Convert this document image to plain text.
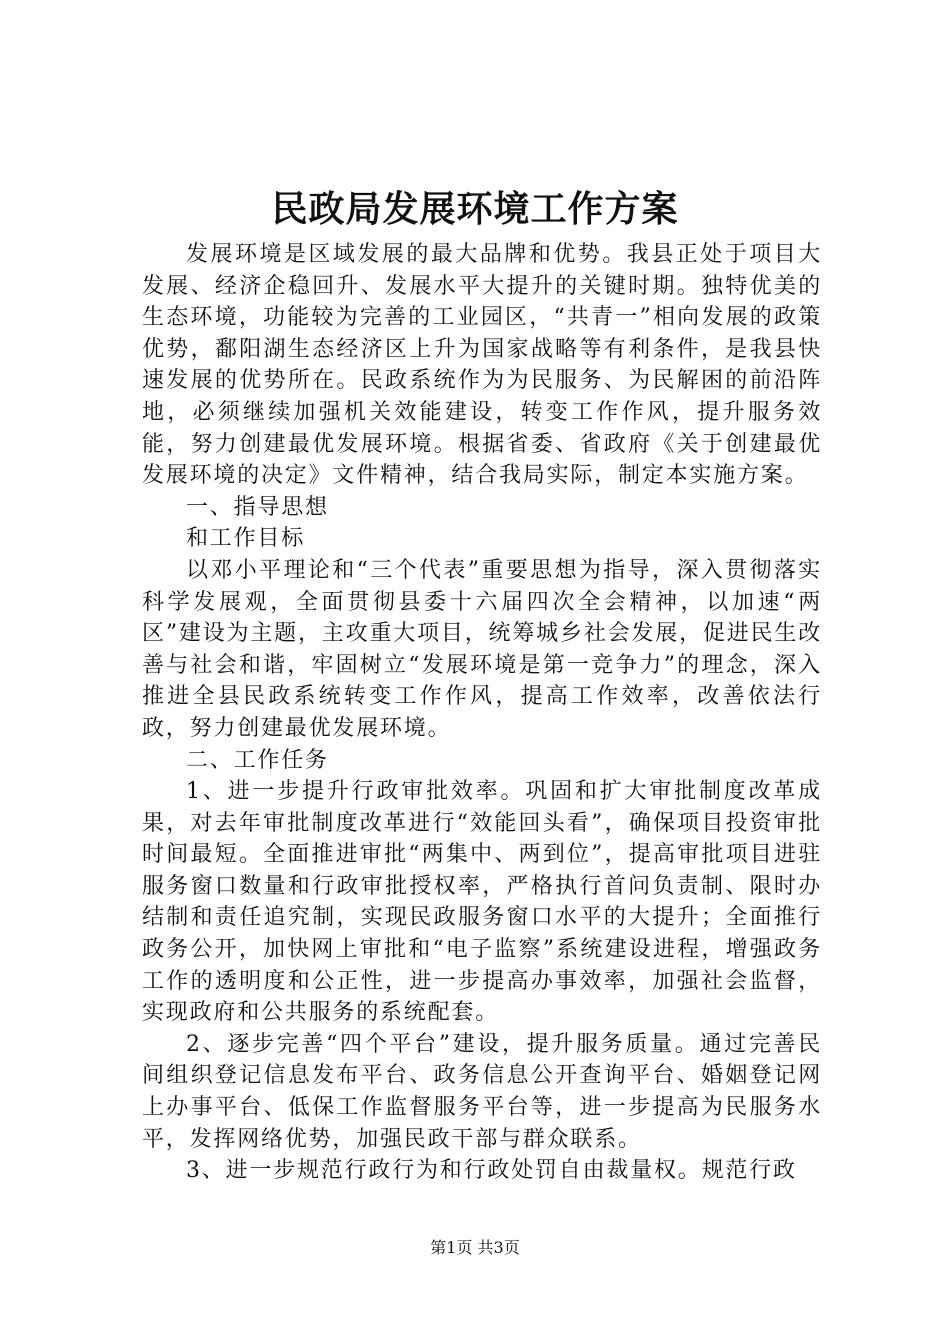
民政局发展环境工作方案

发展环境是区域发展的最大品牌和优势。我县正处于项目大发展、经济企稳回升、发展水平大提升的关键时期。独特优美的生态环境，功能较为完善的工业园区，“共青一”相向发展的政策优势，鄱阳湖生态经济区上升为国家战略等有利条件，是我县快速发展的优势所在。民政系统作为为民服务、为民解困的前沿阵地，必须继续加强机关效能建设，转变工作作风，提升服务效能，努力创建最优发展环境。根据省委、省政府《关于创建最优发展环境的决定》文件精神，结合我局实际，制定本实施方案。

一、指导思想

和工作目标

以邓小平理论和“三个代表”重要思想为指导，深入贯彻落实科学发展观，全面贯彻县委十六届四次全会精神，以加速“两区”建设为主题，主攻重大项目，统筹城乡社会发展，促进民生改善与社会和谐，牢固树立“发展环境是第一竞争力”的理念，深入推进全县民政系统转变工作作风，提高工作效率，改善依法行政，努力创建最优发展环境。

二、工作任务

1、进一步提升行政审批效率。巩固和扩大审批制度改革成果，对去年审批制度改革进行“效能回头看”，确保项目投资审批时间最短。全面推进审批“两集中、两到位”，提高审批项目进驻服务窗口数量和行政审批授权率，严格执行首问负责制、限时办结制和责任追究制，实现民政服务窗口水平的大提升；全面推行政务公开，加快网上审批和“电子监察”系统建设进程，增强政务工作的透明度和公正性，进一步提高办事效率，加强社会监督，实现政府和公共服务的系统配套。

2、逐步完善“四个平台”建设，提升服务质量。通过完善民间组织登记信息发布平台、政务信息公开查询平台、婚姻登记网上办事平台、低保工作监督服务平台等，进一步提高为民服务水平，发挥网络优势，加强民政干部与群众联系。

3、进一步规范行政行为和行政处罚自由裁量权。规范行政

第1页 共3页
